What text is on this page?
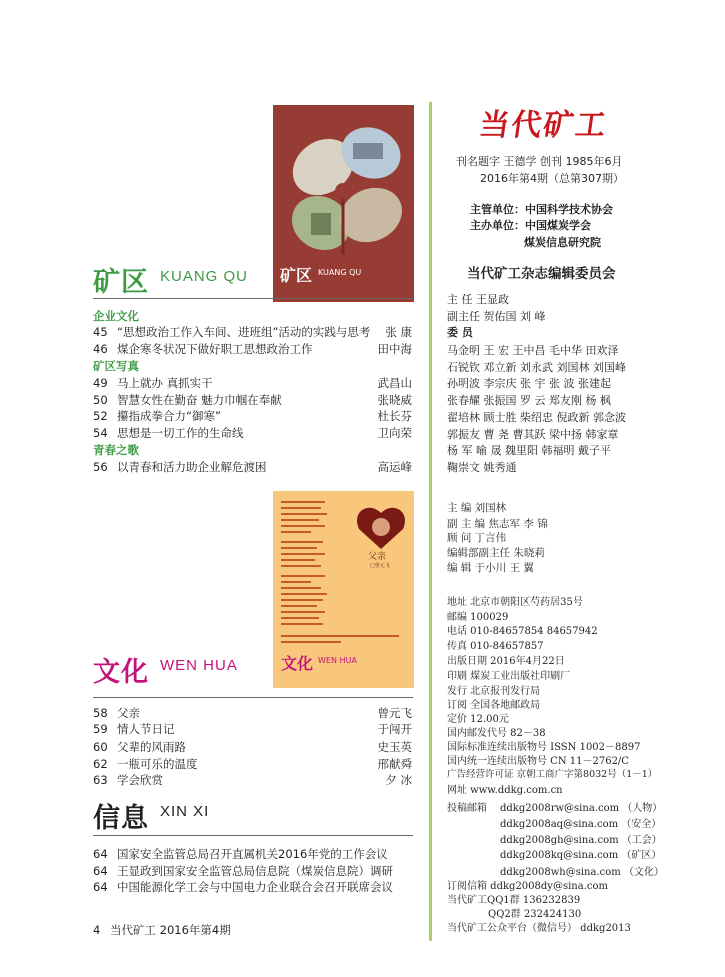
矿区 KUANG QU
矿区 KUANG QU
企业文化
45 “思想政治工作入车间、进班组”活动的实践与思考 张 康
46 煤企寒冬状况下做好职工思想政治工作	田中海
矿区写真
49 马上就办 真抓实干	武昌山
50 智慧女性在勤奋 魅力巾帼在奉献	张晓威
52 攥指成拳合力“御寒”	杜长芬
54 思想是一切工作的生命线	卫向荣
青春之歌
56 以青春和活力助企业解危渡困	高运峰
父亲
□曾元飞
文化 WEN HUA
文化 WEN HUA
58 父亲	曾元飞
59 情人节日记	于闯开
60 父辈的风雨路	史玉英
62 一瓶可乐的温度	邢献舜
63 学会欣赏	夕 冰
信息 XIN XI
64 国家安全监管总局召开直属机关2016年党的工作会议
64 王显政到国家安全监管总局信息院（煤炭信息院）调研
64 中国能源化学工会与中国电力企业联合会召开联席会议
4 当代矿工 2016年第4期
当代矿工
刊名题字 王德学 创刊 1985年6月
2016年第4期（总第307期）
主管单位：中国科学技术协会
主办单位：中国煤炭学会
煤炭信息研究院
当代矿工杂志编辑委员会
主 任 王显政
副主任 贺佑国 刘 峰
委 员
马金明 王 宏 王中昌 毛中华 田欢泽
石锐钦 邓立新 刘永武 刘国林 刘国峰
孙明波 李宗庆 张 宇 张 波 张建起
张春耀 张振国 罗 云 郑友刚 杨 枫
翟培林 顾士胜 柴绍忠 倪政新 郭念波
郭振友 曹 尧 曹其跃 梁中扬 韩家章
杨 军 喻 晟 魏里阳 韩福明 戴子平
鞠崇文 姚秀通
主 编 刘国林
副 主 编 焦志军 李 锦
顾 问 丁言伟
编辑部副主任 朱晓莉
编 辑 于小川 王 翼
地址 北京市朝阳区芍药居35号
邮编 100029
电话 010-84657854 84657942
传真 010-84657857
出版日期 2016年4月22日
印刷 煤炭工业出版社印刷厂
发行 北京报刊发行局
订阅 全国各地邮政局
定价 12.00元
国内邮发代号 82－38
国际标准连续出版物号 ISSN 1002－8897
国内统一连续出版物号 CN 11－2762/C
广告经营许可证 京朝工商广字第8032号（1－1）
网址 www.ddkg.com.cn
投稿邮箱 ddkg2008rw@sina.com （人物）
ddkg2008aq@sina.com （安全）
ddkg2008gh@sina.com （工会）
ddkg2008kq@sina.com （矿区）
ddkg2008wh@sina.com （文化）
订阅信箱 ddkg2008dy@sina.com
当代矿工QQ1群 136232839
QQ2群 232424130
当代矿工公众平台（微信号） ddkg2013
